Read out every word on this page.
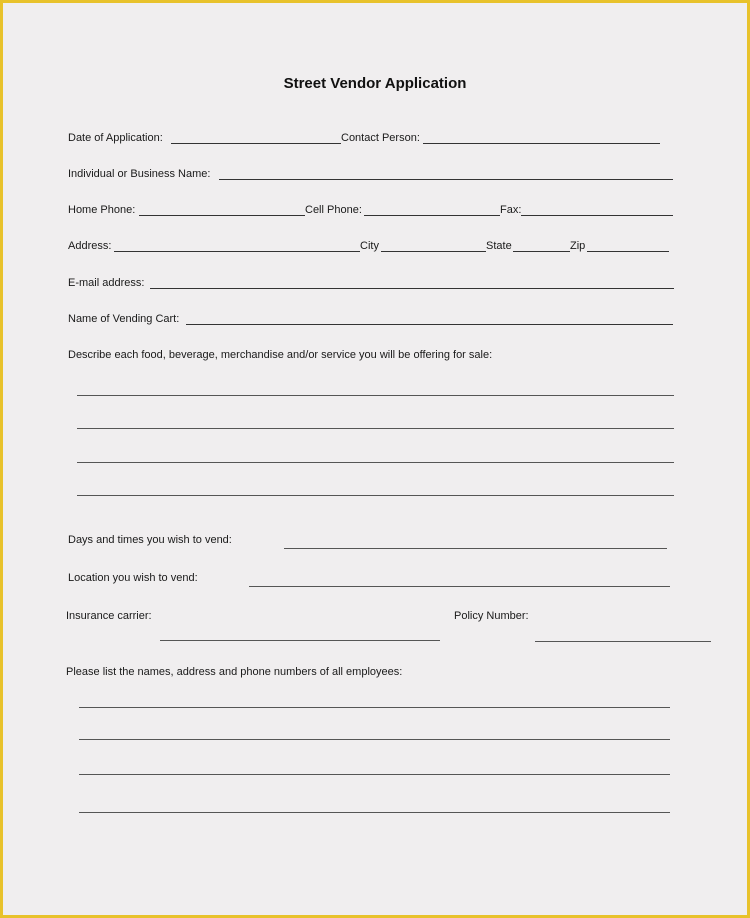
Street Vendor Application
Date of Application:	Contact Person:
Individual or Business Name:
Home Phone:	Cell Phone:	Fax:
Address:	City	State	Zip
E-mail address:
Name of Vending Cart:
Describe each food, beverage, merchandise and/or service you will be offering for sale:
Days and times you wish to vend:
Location you wish to vend:
Insurance carrier:	Policy Number:
Please list the names, address and phone numbers of all employees:
